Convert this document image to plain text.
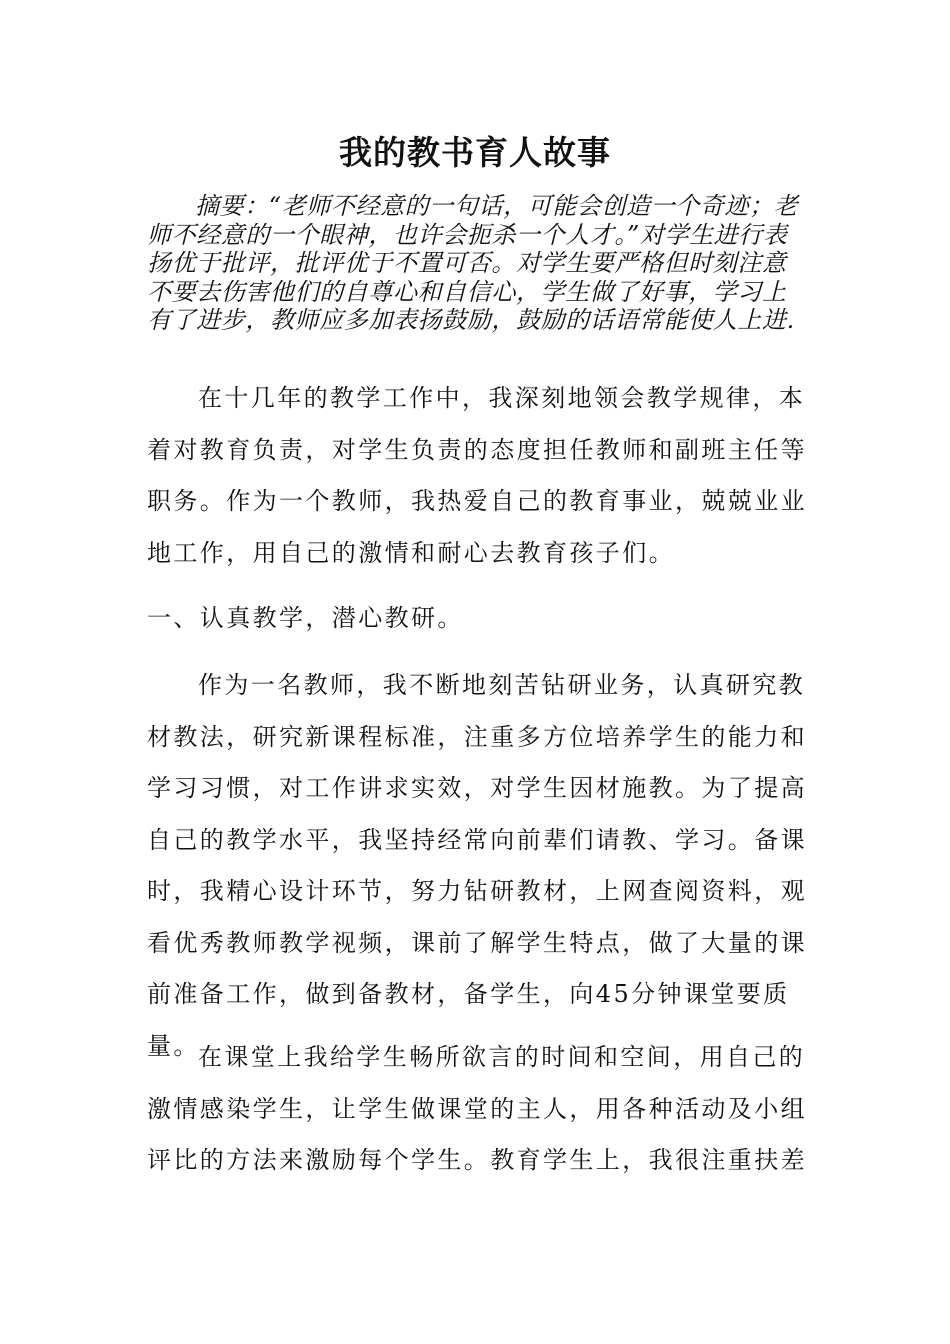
我的教书育人故事

摘要：“老师不经意的一句话，可能会创造一个奇迹；老师不经意的一个眼神，也许会扼杀一个人才。”对学生进行表扬优于批评，批评优于不置可否。对学生要严格但时刻注意不要去伤害他们的自尊心和自信心，学生做了好事，学习上有了进步，教师应多加表扬鼓励，鼓励的话语常能使人上进.

在十几年的教学工作中，我深刻地领会教学规律，本着对教育负责，对学生负责的态度担任教师和副班主任等职务。作为一个教师，我热爱自己的教育事业，兢兢业业地工作，用自己的激情和耐心去教育孩子们。

一、认真教学，潜心教研。

作为一名教师，我不断地刻苦钻研业务，认真研究教材教法，研究新课程标准，注重多方位培养学生的能力和学习习惯，对工作讲求实效，对学生因材施教。为了提高自己的教学水平，我坚持经常向前辈们请教、学习。备课时，我精心设计环节，努力钻研教材，上网查阅资料，观看优秀教师教学视频，课前了解学生特点，做了大量的课前准备工作，做到备教材，备学生，向45分钟课堂要质量。

在课堂上我给学生畅所欲言的时间和空间，用自己的激情感染学生，让学生做课堂的主人，用各种活动及小组评比的方法来激励每个学生。教育学生上，我很注重扶差
